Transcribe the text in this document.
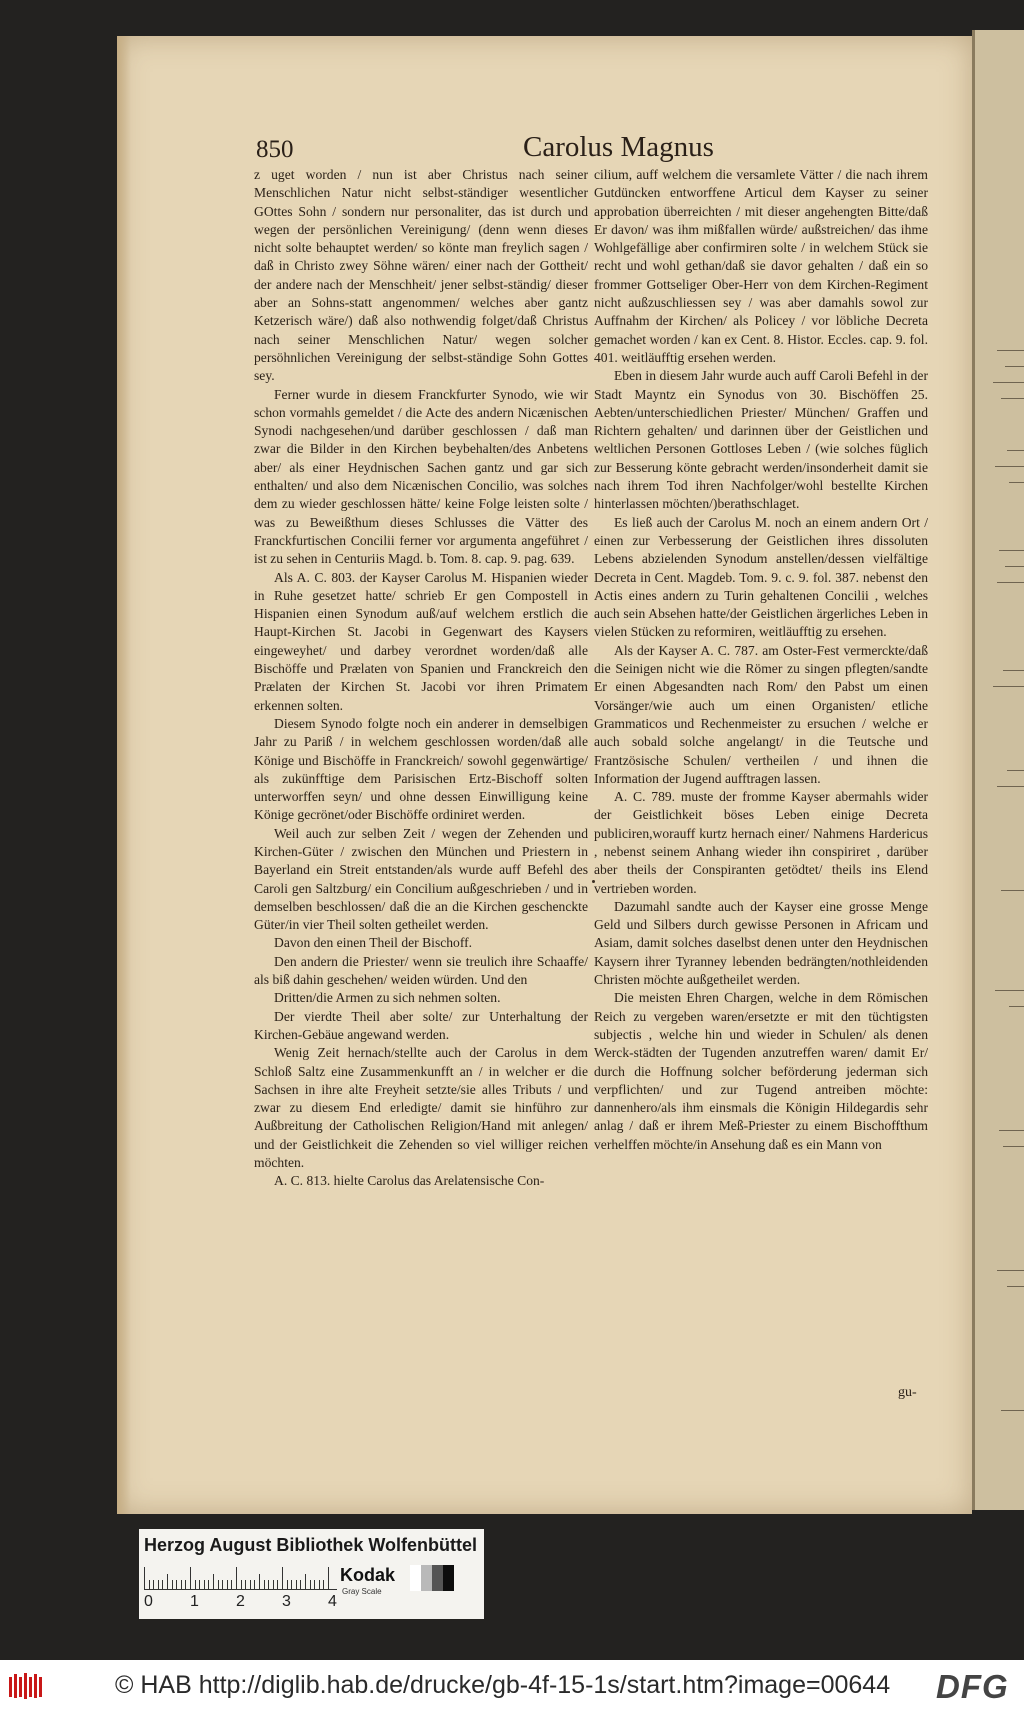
850	Carolus Magnus

z uget worden / nun ist aber Christus nach seiner Menschlichen Natur nicht selbst-ständiger wesentlicher GOttes Sohn / sondern nur personaliter, das ist durch und wegen der persönlichen Vereinigung/ (denn wenn dieses nicht solte behauptet werden/ so könte man freylich sagen / daß in Christo zwey Söhne wären/ einer nach der Gottheit/ der andere nach der Menschheit/ jener selbst-ständig/ dieser aber an Sohns-statt angenommen/ welches aber gantz Ketzerisch wäre/) daß also nothwendig folget/daß Christus nach seiner Menschlichen Natur/ wegen solcher persöhnlichen Vereinigung der selbst-ständige Sohn Gottes sey.

Ferner wurde in diesem Franckfurter Synodo, wie wir schon vormahls gemeldet / die Acte des andern Nicænischen Synodi nachgesehen/und darüber geschlossen / daß man zwar die Bilder in den Kirchen beybehalten/des Anbetens aber/ als einer Heydnischen Sachen gantz und gar sich enthalten/ und also dem Nicænischen Concilio, was solches dem zu wieder geschlossen hätte/ keine Folge leisten solte / was zu Beweißthum dieses Schlusses die Vätter des Franckfurtischen Concilii ferner vor argumenta angeführet / ist zu sehen in Centuriis Magd. b. Tom. 8. cap. 9. pag. 639.

Als A. C. 803. der Kayser Carolus M. Hispanien wieder in Ruhe gesetzet hatte/ schrieb Er gen Compostell in Hispanien einen Synodum auß/auf welchem erstlich die Haupt-Kirchen St. Jacobi in Gegenwart des Kaysers eingeweyhet/ und darbey verordnet worden/daß alle Bischöffe und Prælaten von Spanien und Franckreich den Prælaten der Kirchen St. Jacobi vor ihren Primatem erkennen solten.

Diesem Synodo folgte noch ein anderer in demselbigen Jahr zu Pariß / in welchem geschlossen worden/daß alle Könige und Bischöffe in Franckreich/ sowohl gegenwärtige/ als zukünfftige dem Parisischen Ertz-Bischoff solten unterworffen seyn/ und ohne dessen Einwilligung keine Könige gecrönet/oder Bischöffe ordiniret werden.

Weil auch zur selben Zeit / wegen der Zehenden und Kirchen-Güter / zwischen den München und Priestern in Bayerland ein Streit entstanden/als wurde auff Befehl des Caroli gen Saltzburg/ ein Concilium außgeschrieben / und in demselben beschlossen/ daß die an die Kirchen geschenckte Güter/in vier Theil solten getheilet werden.

Davon den einen Theil der Bischoff.

Den andern die Priester/ wenn sie treulich ihre Schaaffe/ als biß dahin geschehen/ weiden würden. Und den

Dritten/die Armen zu sich nehmen solten.

Der vierdte Theil aber solte/ zur Unterhaltung der Kirchen-Gebäue angewand werden.

Wenig Zeit hernach/stellte auch der Carolus in dem Schloß Saltz eine Zusammenkunfft an / in welcher er die Sachsen in ihre alte Freyheit setzte/sie alles Tributs / und zwar zu diesem End erledigte/ damit sie hinführo zur Außbreitung der Catholischen Religion/Hand mit anlegen/ und der Geistlichkeit die Zehenden so viel williger reichen möchten.

A. C. 813. hielte Carolus das Arelatensische Con-

cilium, auff welchem die versamlete Vätter / die nach ihrem Gutdüncken entworffene Articul dem Kayser zu seiner approbation überreichten / mit dieser angehengten Bitte/daß Er davon/ was ihm mißfallen würde/ außstreichen/ das ihme Wohlgefällige aber confirmiren solte / in welchem Stück sie recht und wohl gethan/daß sie davor gehalten / daß ein so frommer Gottseliger Ober-Herr von dem Kirchen-Regiment nicht außzuschliessen sey / was aber damahls sowol zur Auffnahm der Kirchen/ als Policey / vor löbliche Decreta gemachet worden / kan ex Cent. 8. Histor. Eccles. cap. 9. fol. 401. weitläufftig ersehen werden.

Eben in diesem Jahr wurde auch auff Caroli Befehl in der Stadt Mayntz ein Synodus von 30. Bischöffen 25. Aebten/unterschiedlichen Priester/ München/ Graffen und Richtern gehalten/ und darinnen über der Geistlichen und weltlichen Personen Gottloses Leben / (wie solches füglich zur Besserung könte gebracht werden/insonderheit damit sie nach ihrem Tod ihren Nachfolger/wohl bestellte Kirchen hinterlassen möchten/)berathschlaget.

Es ließ auch der Carolus M. noch an einem andern Ort / einen zur Verbesserung der Geistlichen ihres dissoluten Lebens abzielenden Synodum anstellen/dessen vielfältige Decreta in Cent. Magdeb. Tom. 9. c. 9. fol. 387. nebenst den Actis eines andern zu Turin gehaltenen Concilii , welches auch sein Absehen hatte/der Geistlichen ärgerliches Leben in vielen Stücken zu reformiren, weitläufftig zu ersehen.

Als der Kayser A. C. 787. am Oster-Fest vermerckte/daß die Seinigen nicht wie die Römer zu singen pflegten/sandte Er einen Abgesandten nach Rom/ den Pabst um einen Vorsänger/wie auch um einen Organisten/ etliche Grammaticos und Rechenmeister zu ersuchen / welche er auch sobald solche angelangt/ in die Teutsche und Frantzösische Schulen/ vertheilen / und ihnen die Information der Jugend aufftragen lassen.

A. C. 789. muste der fromme Kayser abermahls wider der Geistlichkeit böses Leben einige Decreta publiciren,worauff kurtz hernach einer/ Nahmens Hardericus , nebenst seinem Anhang wieder ihn conspiriret , darüber aber theils der Conspiranten getödtet/ theils ins Elend vertrieben worden.

Dazumahl sandte auch der Kayser eine grosse Menge Geld und Silbers durch gewisse Personen in Africam und Asiam, damit solches daselbst denen unter den Heydnischen Kaysern ihrer Tyranney lebenden bedrängten/nothleidenden Christen möchte außgetheilet werden.

Die meisten Ehren Chargen, welche in dem Römischen Reich zu vergeben waren/ersetzte er mit den tüchtigsten subjectis , welche hin und wieder in Schulen/ als denen Werck-städten der Tugenden anzutreffen waren/ damit Er/ durch die Hoffnung solcher beförderung jederman sich verpflichten/ und zur Tugend antreiben möchte: dannenhero/als ihm einsmals die Königin Hildegardis sehr anlag / daß er ihrem Meß-Priester zu einem Bischoffthum verhelffen möchte/in Ansehung daß es ein Mann von

gu-
Herzog August Bibliothek Wolfenbüttel
0 1 2 3 4
Kodak
Gray Scale
© HAB http://diglib.hab.de/drucke/gb-4f-15-1s/start.htm?image=00644 DFG
